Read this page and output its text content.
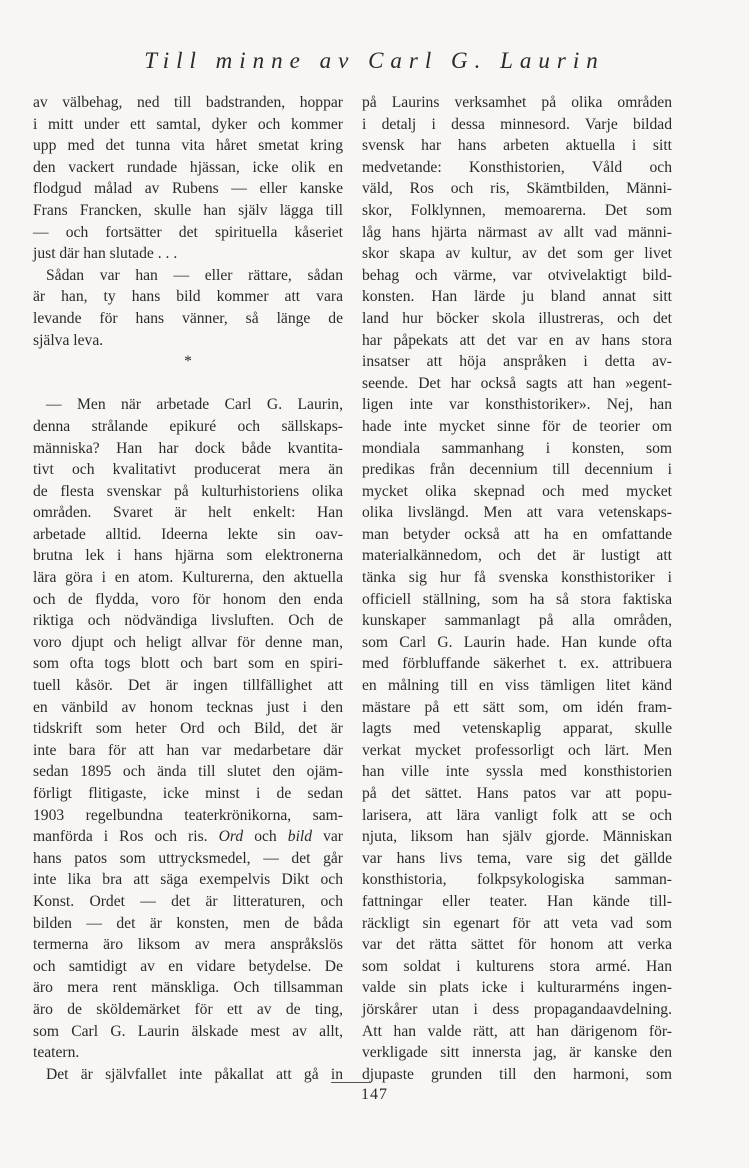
Till minne av Carl G. Laurin
av välbehag, ned till badstranden, hoppar
i mitt under ett samtal, dyker och kommer
upp med det tunna vita håret smetat kring
den vackert rundade hjässan, icke olik en
flodgud målad av Rubens — eller kanske
Frans Francken, skulle han själv lägga till
— och fortsätter det spirituella kåseriet
just där han slutade . . .
Sådan var han — eller rättare, sådan
är han, ty hans bild kommer att vara
levande för hans vänner, så länge de
själva leva.
*
— Men när arbetade Carl G. Laurin,
denna strålande epikuré och sällskaps-
människa? Han har dock både kvantita-
tivt och kvalitativt producerat mera än
de flesta svenskar på kulturhistoriens olika
områden. Svaret är helt enkelt: Han
arbetade alltid. Ideerna lekte sin oav-
brutna lek i hans hjärna som elektronerna
lära göra i en atom. Kulturerna, den aktuella
och de flydda, voro för honom den enda
riktiga och nödvändiga livsluften. Och de
voro djupt och heligt allvar för denne man,
som ofta togs blott och bart som en spiri-
tuell kåsör. Det är ingen tillfällighet att
en vänbild av honom tecknas just i den
tidskrift som heter Ord och Bild, det är
inte bara för att han var medarbetare där
sedan 1895 och ända till slutet den ojäm-
förligt flitigaste, icke minst i de sedan
1903 regelbundna teaterkrönikorna, sam-
manförda i Ros och ris. Ord och bild var
hans patos som uttrycksmedel, — det går
inte lika bra att säga exempelvis Dikt och
Konst. Ordet — det är litteraturen, och
bilden — det är konsten, men de båda
termerna äro liksom av mera anspråkslös
och samtidigt av en vidare betydelse. De
äro mera rent mänskliga. Och tillsamman
äro de sköldemärket för ett av de ting,
som Carl G. Laurin älskade mest av allt,
teatern.
Det är självfallet inte påkallat att gå in
på Laurins verksamhet på olika områden
i detalj i dessa minnesord. Varje bildad
svensk har hans arbeten aktuella i sitt
medvetande: Konsthistorien, Våld och
väld, Ros och ris, Skämtbilden, Männi-
skor, Folklynnen, memoarerna. Det som
låg hans hjärta närmast av allt vad männi-
skor skapa av kultur, av det som ger livet
behag och värme, var otvivelaktigt bild-
konsten. Han lärde ju bland annat sitt
land hur böcker skola illustreras, och det
har påpekats att det var en av hans stora
insatser att höja anspråken i detta av-
seende. Det har också sagts att han »egent-
ligen inte var konsthistoriker». Nej, han
hade inte mycket sinne för de teorier om
mondiala sammanhang i konsten, som
predikas från decennium till decennium i
mycket olika skepnad och med mycket
olika livslängd. Men att vara vetenskaps-
man betyder också att ha en omfattande
materialkännedom, och det är lustigt att
tänka sig hur få svenska konsthistoriker i
officiell ställning, som ha så stora faktiska
kunskaper sammanlagt på alla områden,
som Carl G. Laurin hade. Han kunde ofta
med förbluffande säkerhet t. ex. attribuera
en målning till en viss tämligen litet känd
mästare på ett sätt som, om idén fram-
lagts med vetenskaplig apparat, skulle
verkat mycket professorligt och lärt. Men
han ville inte syssla med konsthistorien
på det sättet. Hans patos var att popu-
larisera, att lära vanligt folk att se och
njuta, liksom han själv gjorde. Människan
var hans livs tema, vare sig det gällde
konsthistoria, folkpsykologiska samman-
fattningar eller teater. Han kände till-
räckligt sin egenart för att veta vad som
var det rätta sättet för honom att verka
som soldat i kulturens stora armé. Han
valde sin plats icke i kulturarméns ingen-
jörskårer utan i dess propagandaavdelning.
Att han valde rätt, att han därigenom för-
verkligade sitt innersta jag, är kanske den
djupaste grunden till den harmoni, som
147
